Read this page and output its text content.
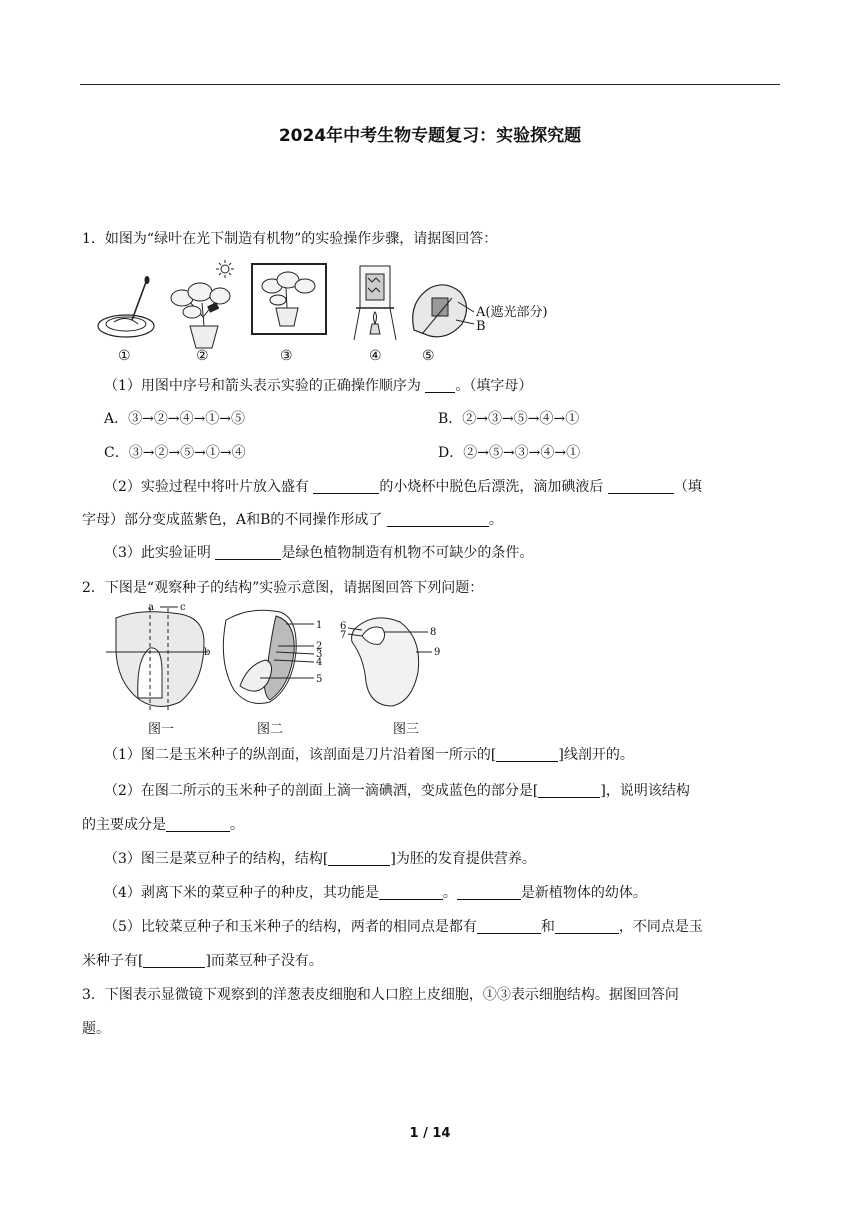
2024年中考生物专题复习：实验探究题
1．如图为“绿叶在光下制造有机物”的实验操作步骤，请据图回答：
A(遮光部分)
B
①	②	③	④	⑤
（1）用图中序号和箭头表示实验的正确操作顺序为 。（填字母）
A．③→②→④→①→⑤	B．②→③→⑤→④→①
C．③→②→⑤→①→④	D．②→⑤→③→④→①
（2）实验过程中将叶片放入盛有	的小烧杯中脱色后漂洗，滴加碘液后	（填
字母）部分变成蓝紫色，A和B的不同操作形成了	。
（3）此实验证明	是绿色植物制造有机物不可缺少的条件。
2．下图是“观察种子的结构”实验示意图，请据图回答下列问题：
a	c
b
1
2
3
4
5
6
7	8
9
图一	图二	图三
（1）图二是玉米种子的纵剖面，该剖面是刀片沿着图一所示的[	]线剖开的。
（2）在图二所示的玉米种子的剖面上滴一滴碘酒，变成蓝色的部分是[	]，说明该结构
的主要成分是	。
（3）图三是菜豆种子的结构，结构[	]为胚的发育提供营养。
（4）剥离下米的菜豆种子的种皮，其功能是	。	是新植物体的幼体。
（5）比较菜豆种子和玉米种子的结构，两者的相同点是都有	和	，不同点是玉
米种子有[	]而菜豆种子没有。
3．下图表示显微镜下观察到的洋葱表皮细胞和人口腔上皮细胞，①③表示细胞结构。据图回答问
题。
1 / 14
